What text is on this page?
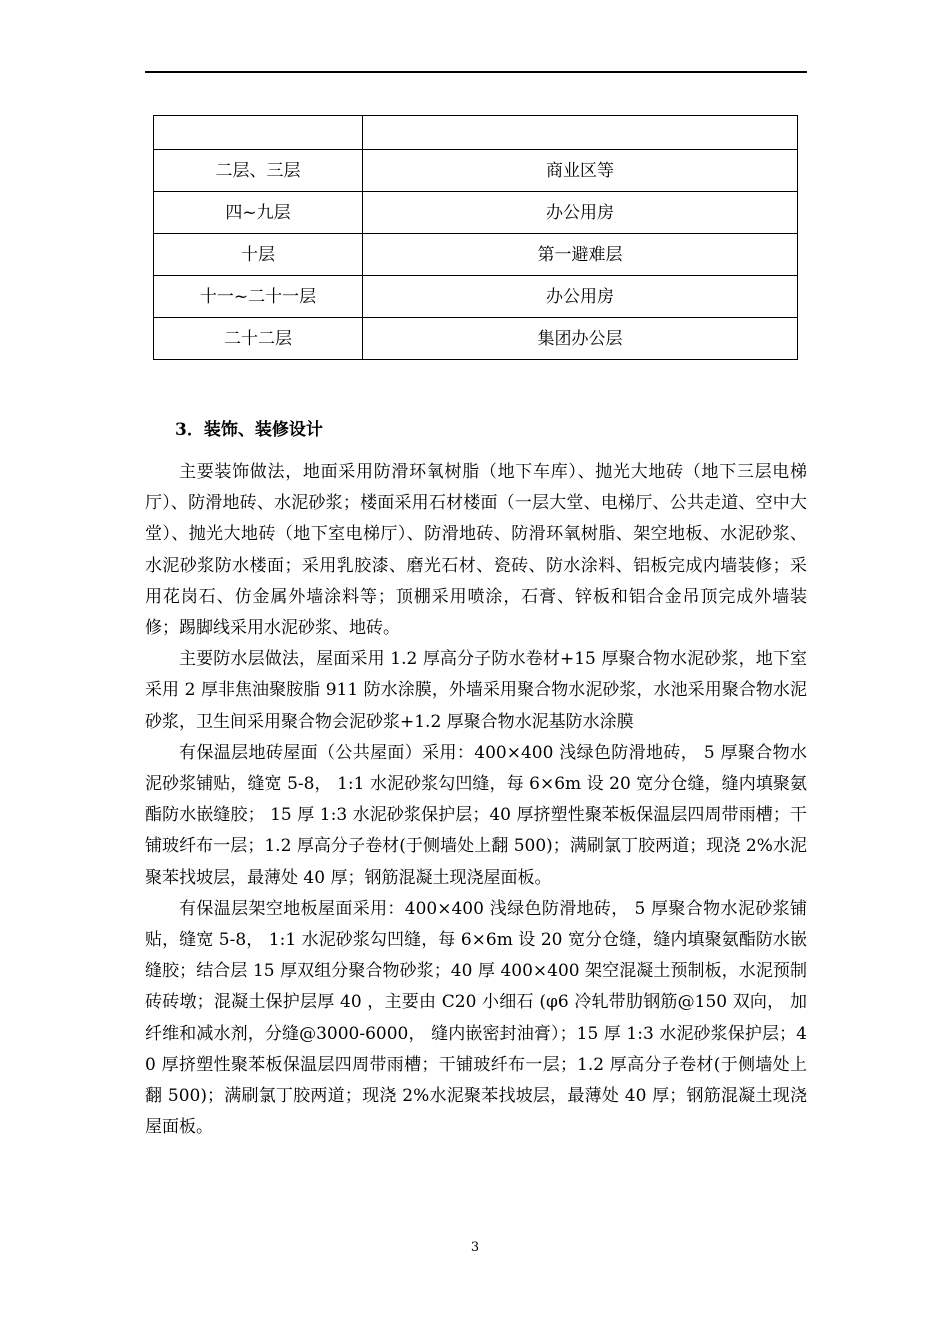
二层、三层	商业区等
四~九层	办公用房
十层	第一避难层
十一~二十一层	办公用房
二十二层	集团办公层
3．装饰、装修设计

主要装饰做法，地面采用防滑环氧树脂（地下车库）、抛光大地砖（地下三层电梯厅）、防滑地砖、水泥砂浆；楼面采用石材楼面（一层大堂、电梯厅、公共走道、空中大堂）、抛光大地砖（地下室电梯厅）、防滑地砖、防滑环氧树脂、架空地板、水泥砂浆、水泥砂浆防水楼面；采用乳胶漆、磨光石材、瓷砖、防水涂料、铝板完成内墙装修；采用花岗石、仿金属外墙涂料等；顶棚采用喷涂，石膏、锌板和铝合金吊顶完成外墙装修；踢脚线采用水泥砂浆、地砖。

主要防水层做法，屋面采用 1.2 厚高分子防水卷材+15 厚聚合物水泥砂浆，地下室采用 2 厚非焦油聚胺脂 911 防水涂膜，外墙采用聚合物水泥砂浆，水池采用聚合物水泥砂浆，卫生间采用聚合物会泥砂浆+1.2 厚聚合物水泥基防水涂膜

有保温层地砖屋面（公共屋面）采用：400×400 浅绿色防滑地砖， 5 厚聚合物水泥砂浆铺贴，缝宽 5-8， 1:1 水泥砂浆勾凹缝，每 6×6m 设 20 宽分仓缝，缝内填聚氨酯防水嵌缝胶； 15 厚 1:3 水泥砂浆保护层；40 厚挤塑性聚苯板保温层四周带雨槽；干铺玻纤布一层；1.2 厚高分子卷材(于侧墙处上翻 500)；满刷氯丁胶两道；现浇 2%水泥聚苯找坡层，最薄处 40 厚；钢筋混凝土现浇屋面板。

有保温层架空地板屋面采用：400×400 浅绿色防滑地砖， 5 厚聚合物水泥砂浆铺贴，缝宽 5-8， 1:1 水泥砂浆勾凹缝，每 6×6m 设 20 宽分仓缝，缝内填聚氨酯防水嵌缝胶；结合层 15 厚双组分聚合物砂浆；40 厚 400×400 架空混凝土预制板，水泥预制砖砖墩；混凝土保护层厚 40 ，主要由 C20 小细石 (φ6 冷轧带肋钢筋@150 双向， 加纤维和减水剂，分缝@3000-6000， 缝内嵌密封油膏）；15 厚 1:3 水泥砂浆保护层；40 厚挤塑性聚苯板保温层四周带雨槽；干铺玻纤布一层；1.2 厚高分子卷材(于侧墙处上翻 500)；满刷氯丁胶两道；现浇 2%水泥聚苯找坡层，最薄处 40 厚；钢筋混凝土现浇屋面板。

3
